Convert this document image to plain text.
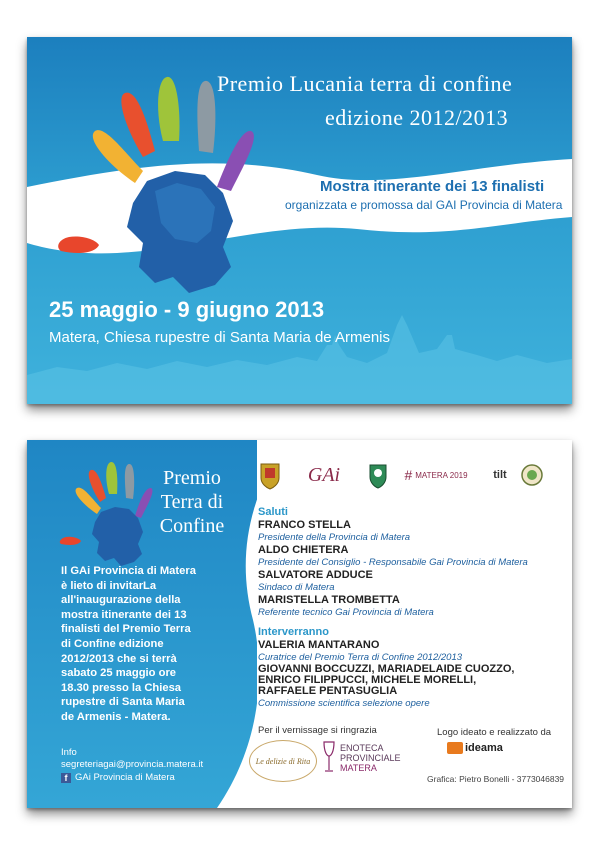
Premio Lucania terra di confine
edizione 2012/2013
Mostra itinerante dei 13 finalisti
organizzata e promossa dal GAI Provincia di Matera
25 maggio - 9 giugno 2013
Matera, Chiesa rupestre di Santa Maria de Armenis
Premio
Terra di
Confine
Il GAi Provincia di Matera
è lieto di invitarLa
all'inaugurazione della
mostra itinerante dei 13
finalisti del Premio Terra
di Confine edizione
2012/2013 che si terrà
sabato 25 maggio ore
18.30 presso la Chiesa
rupestre di Santa Maria
de Armenis - Matera.
Info
segreteriagai@provincia.matera.it
f GAi Provincia di Matera
GAi	# MATERA 2019 tilt
Saluti
FRANCO STELLA
Presidente della Provincia di Matera
ALDO CHIETERA
Presidente del Consiglio - Responsabile Gai Provincia di Matera
SALVATORE ADDUCE
Sindaco di Matera
MARISTELLA TROMBETTA
Referente tecnico Gai Provincia di Matera
Interverranno
VALERIA MANTARANO
Curatrice del Premio Terra di Confine 2012/2013
GIOVANNI BOCCUZZI, MARIADELAIDE CUOZZO,
ENRICO FILIPPUCCI, MICHELE MORELLI,
RAFFAELE PENTASUGLIA
Commissione scientifica selezione opere
Per il vernissage si ringrazia	Logo ideato e realizzato da
Le delizie di Rita
ENOTECA
PROVINCIALE
MATERA
ideama
Grafica: Pietro Bonelli - 3773046839
